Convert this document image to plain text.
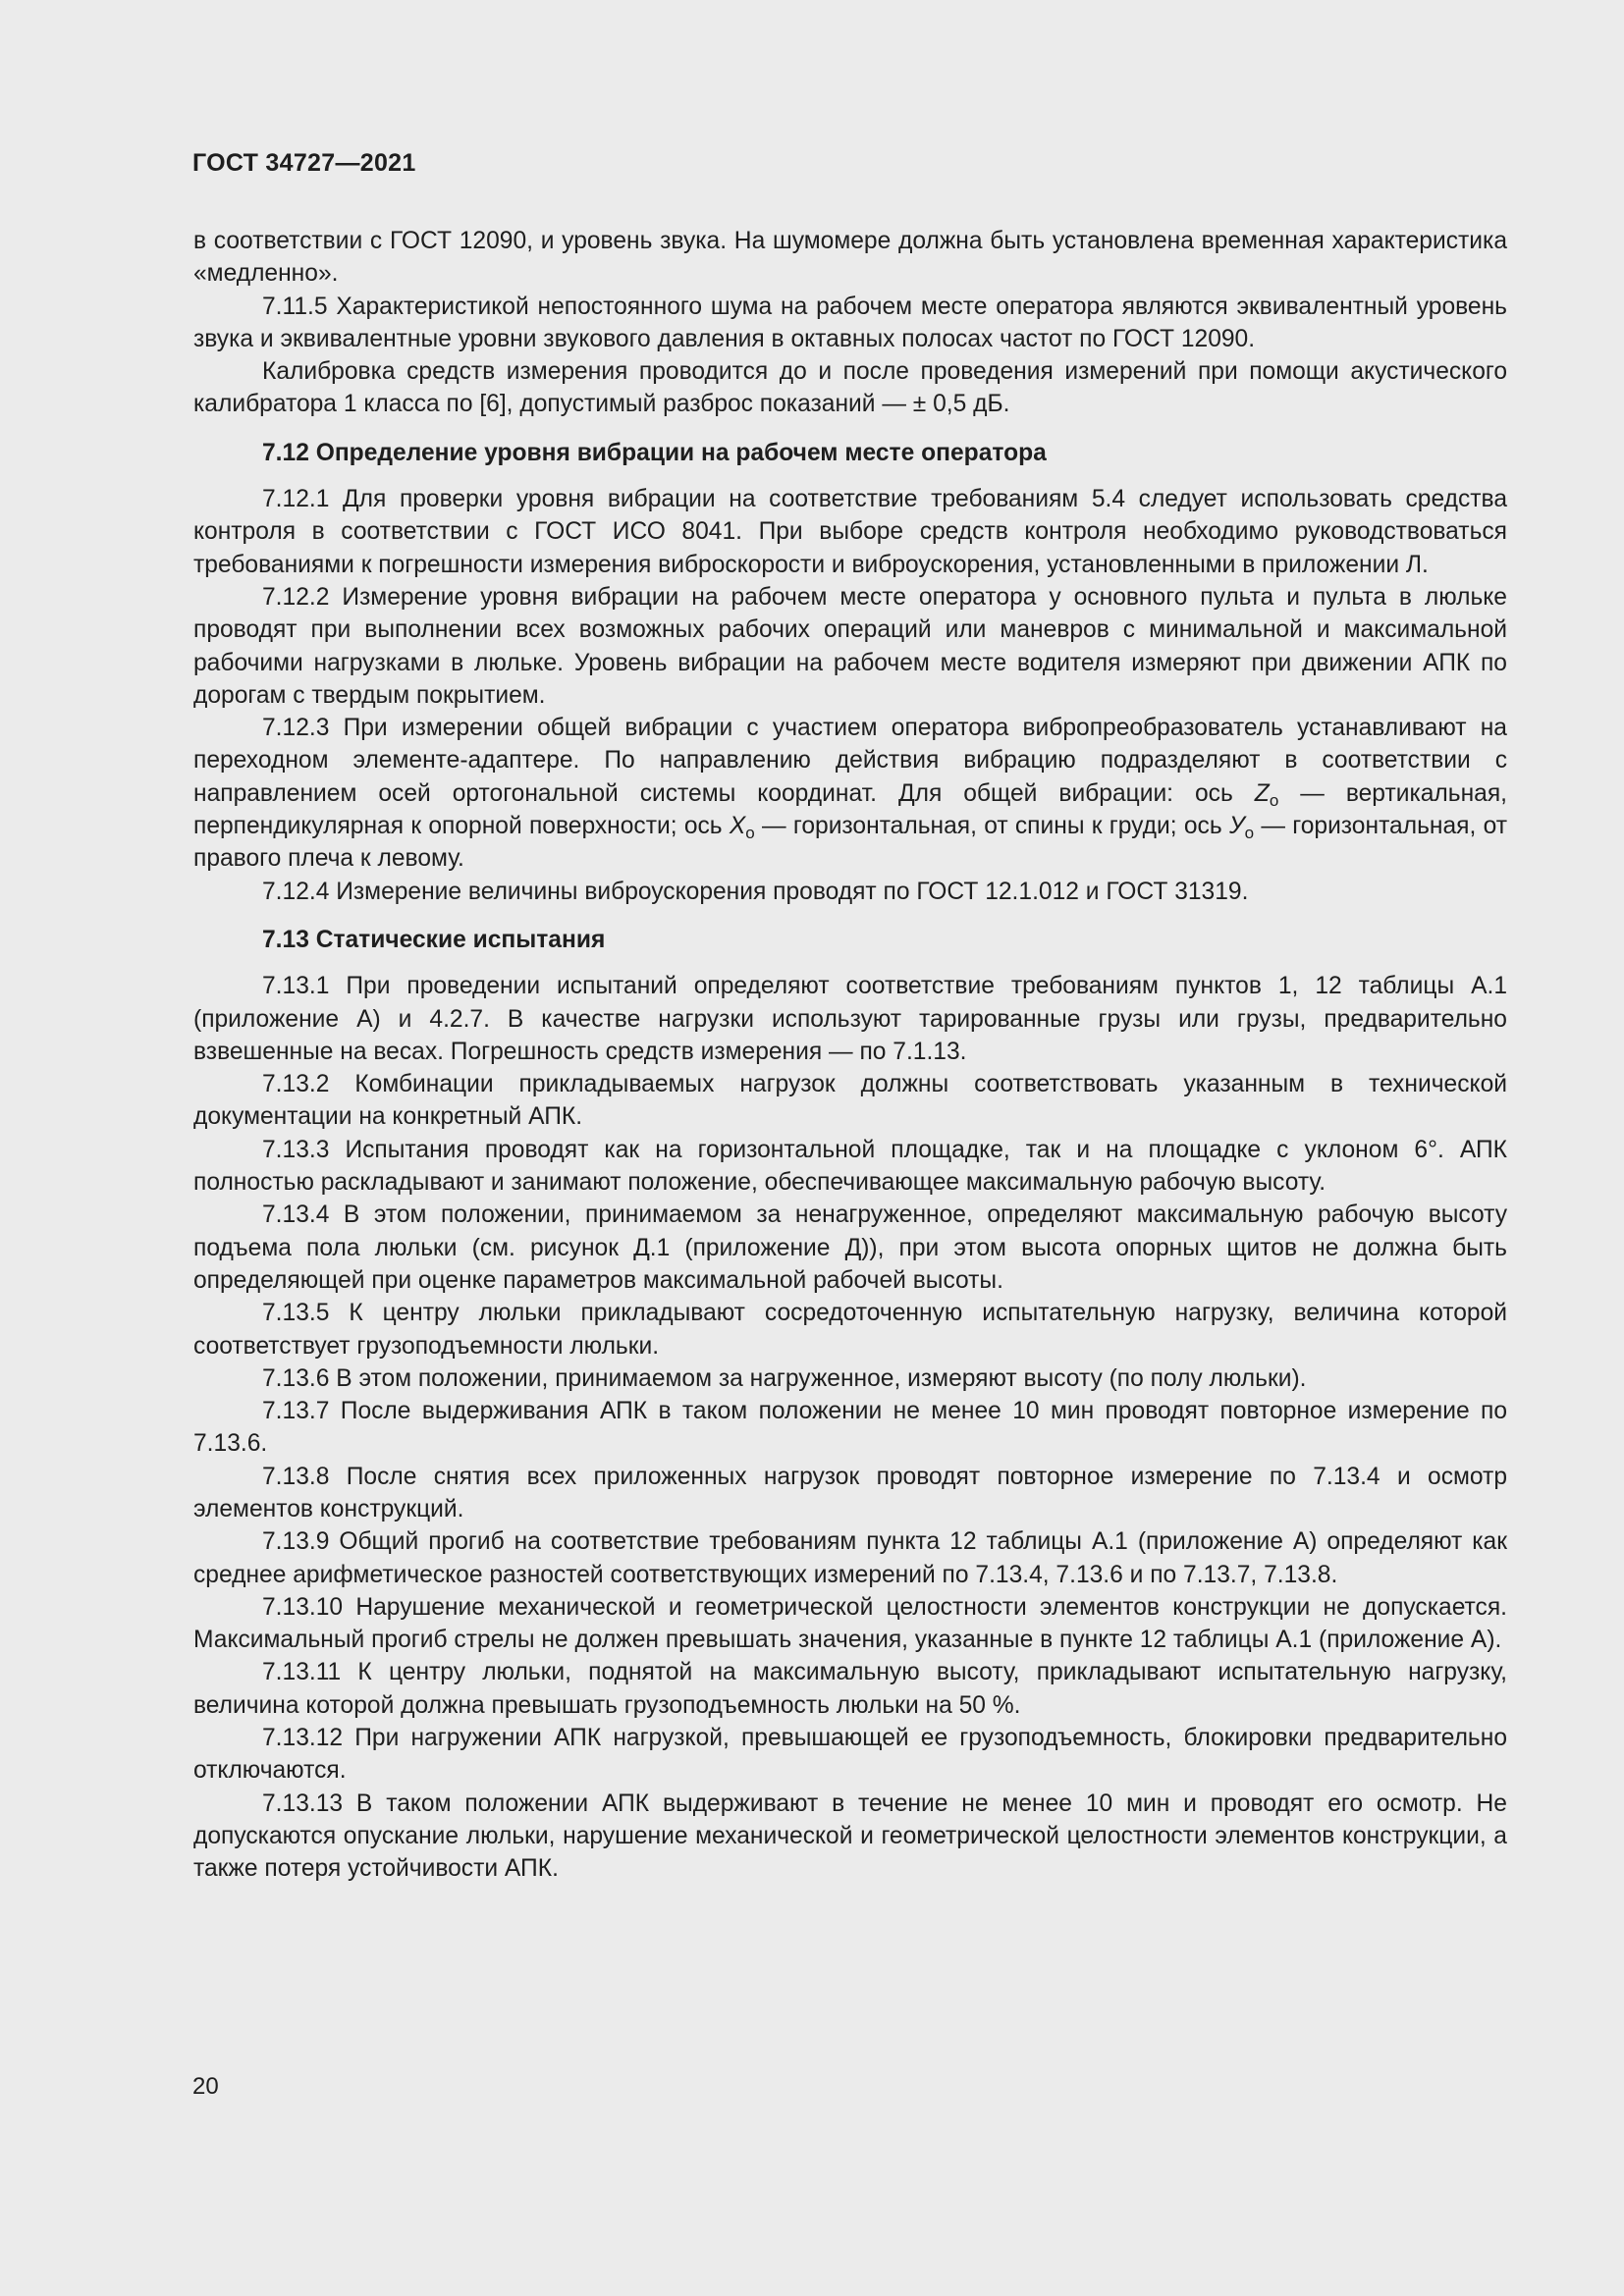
ГОСТ 34727—2021

в соответствии с ГОСТ 12090, и уровень звука. На шумомере должна быть установлена временная характеристика «медленно».

7.11.5 Характеристикой непостоянного шума на рабочем месте оператора являются эквивалентный уровень звука и эквивалентные уровни звукового давления в октавных полосах частот по ГОСТ 12090.

Калибровка средств измерения проводится до и после проведения измерений при помощи акустического калибратора 1 класса по [6], допустимый разброс показаний — ± 0,5 дБ.

7.12 Определение уровня вибрации на рабочем месте оператора

7.12.1 Для проверки уровня вибрации на соответствие требованиям 5.4 следует использовать средства контроля в соответствии с ГОСТ ИСО 8041. При выборе средств контроля необходимо руководствоваться требованиями к погрешности измерения виброскорости и виброускорения, установленными в приложении Л.

7.12.2 Измерение уровня вибрации на рабочем месте оператора у основного пульта и пульта в люльке проводят при выполнении всех возможных рабочих операций или маневров с минимальной и максимальной рабочими нагрузками в люльке. Уровень вибрации на рабочем месте водителя измеряют при движении АПК по дорогам с твердым покрытием.

7.12.3 При измерении общей вибрации с участием оператора вибропреобразователь устанавливают на переходном элементе-адаптере. По направлению действия вибрацию подразделяют в соответствии с направлением осей ортогональной системы координат. Для общей вибрации: ось $Z_о$ — вертикальная, перпендикулярная к опорной поверхности; ось $X_о$ — горизонтальная, от спины к груди; ось $У_о$ — горизонтальная, от правого плеча к левому.

7.12.4 Измерение величины виброускорения проводят по ГОСТ 12.1.012 и ГОСТ 31319.

7.13 Статические испытания

7.13.1 При проведении испытаний определяют соответствие требованиям пунктов 1, 12 таблицы А.1 (приложение А) и 4.2.7. В качестве нагрузки используют тарированные грузы или грузы, предварительно взвешенные на весах. Погрешность средств измерения — по 7.1.13.

7.13.2 Комбинации прикладываемых нагрузок должны соответствовать указанным в технической документации на конкретный АПК.

7.13.3 Испытания проводят как на горизонтальной площадке, так и на площадке с уклоном 6°. АПК полностью раскладывают и занимают положение, обеспечивающее максимальную рабочую высоту.

7.13.4 В этом положении, принимаемом за ненагруженное, определяют максимальную рабочую высоту подъема пола люльки (см. рисунок Д.1 (приложение Д)), при этом высота опорных щитов не должна быть определяющей при оценке параметров максимальной рабочей высоты.

7.13.5 К центру люльки прикладывают сосредоточенную испытательную нагрузку, величина которой соответствует грузоподъемности люльки.

7.13.6 В этом положении, принимаемом за нагруженное, измеряют высоту (по полу люльки).

7.13.7 После выдерживания АПК в таком положении не менее 10 мин проводят повторное измерение по 7.13.6.

7.13.8 После снятия всех приложенных нагрузок проводят повторное измерение по 7.13.4 и осмотр элементов конструкций.

7.13.9 Общий прогиб на соответствие требованиям пункта 12 таблицы А.1 (приложение А) определяют как среднее арифметическое разностей соответствующих измерений по 7.13.4, 7.13.6 и по 7.13.7, 7.13.8.

7.13.10 Нарушение механической и геометрической целостности элементов конструкции не допускается. Максимальный прогиб стрелы не должен превышать значения, указанные в пункте 12 таблицы А.1 (приложение А).

7.13.11 К центру люльки, поднятой на максимальную высоту, прикладывают испытательную нагрузку, величина которой должна превышать грузоподъемность люльки на 50 %.

7.13.12 При нагружении АПК нагрузкой, превышающей ее грузоподъемность, блокировки предварительно отключаются.

7.13.13 В таком положении АПК выдерживают в течение не менее 10 мин и проводят его осмотр. Не допускаются опускание люльки, нарушение механической и геометрической целостности элементов конструкции, а также потеря устойчивости АПК.

20
